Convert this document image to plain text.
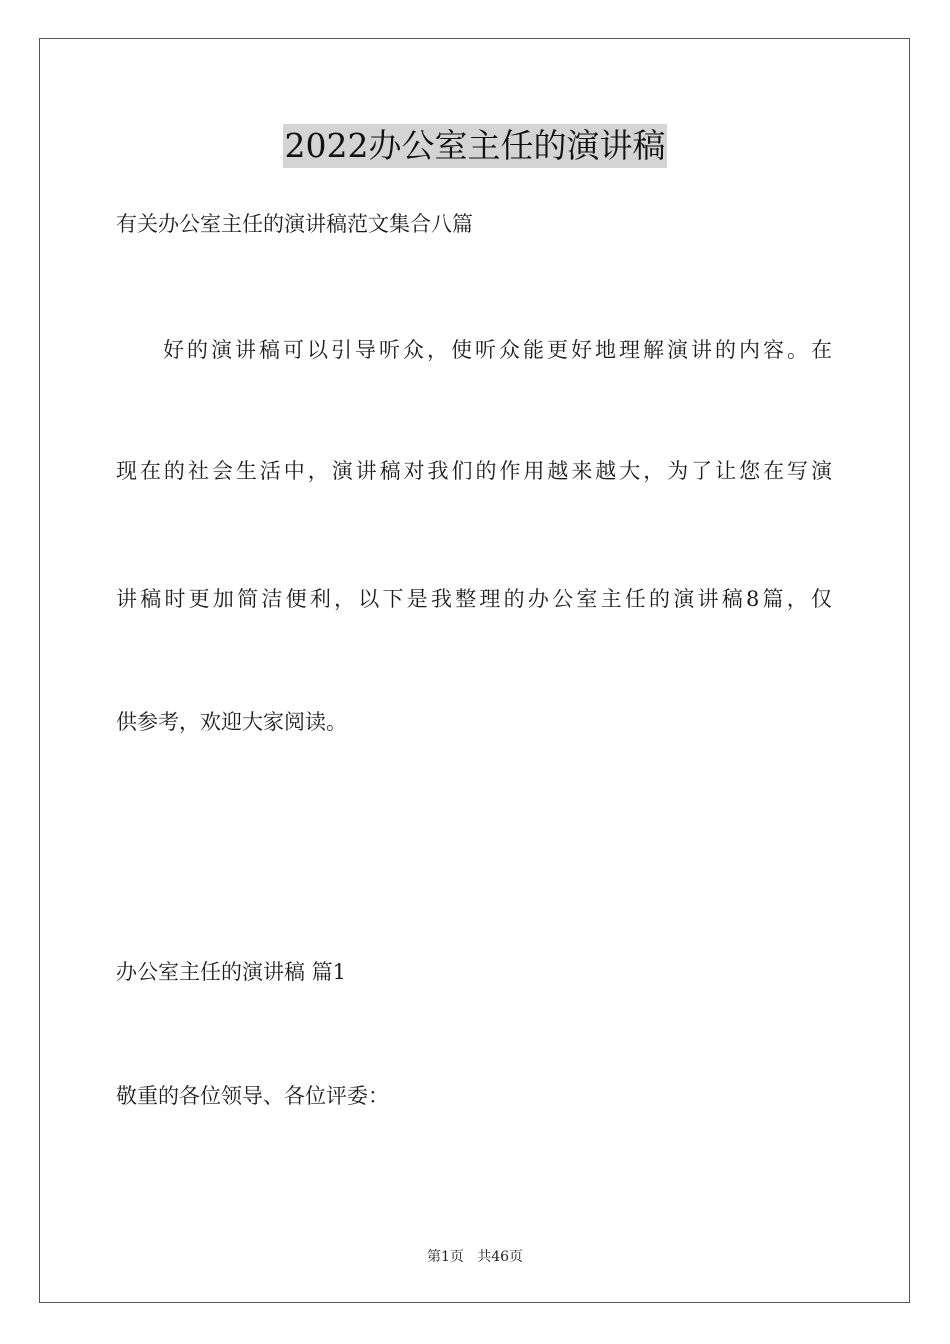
2022办公室主任的演讲稿
有关办公室主任的演讲稿范文集合八篇
好的演讲稿可以引导听众，使听众能更好地理解演讲的内容。在
现在的社会生活中，演讲稿对我们的作用越来越大，为了让您在写演
讲稿时更加简洁便利，以下是我整理的办公室主任的演讲稿8篇，仅
供参考，欢迎大家阅读。
办公室主任的演讲稿 篇1
敬重的各位领导、各位评委：
第1页   共46页
